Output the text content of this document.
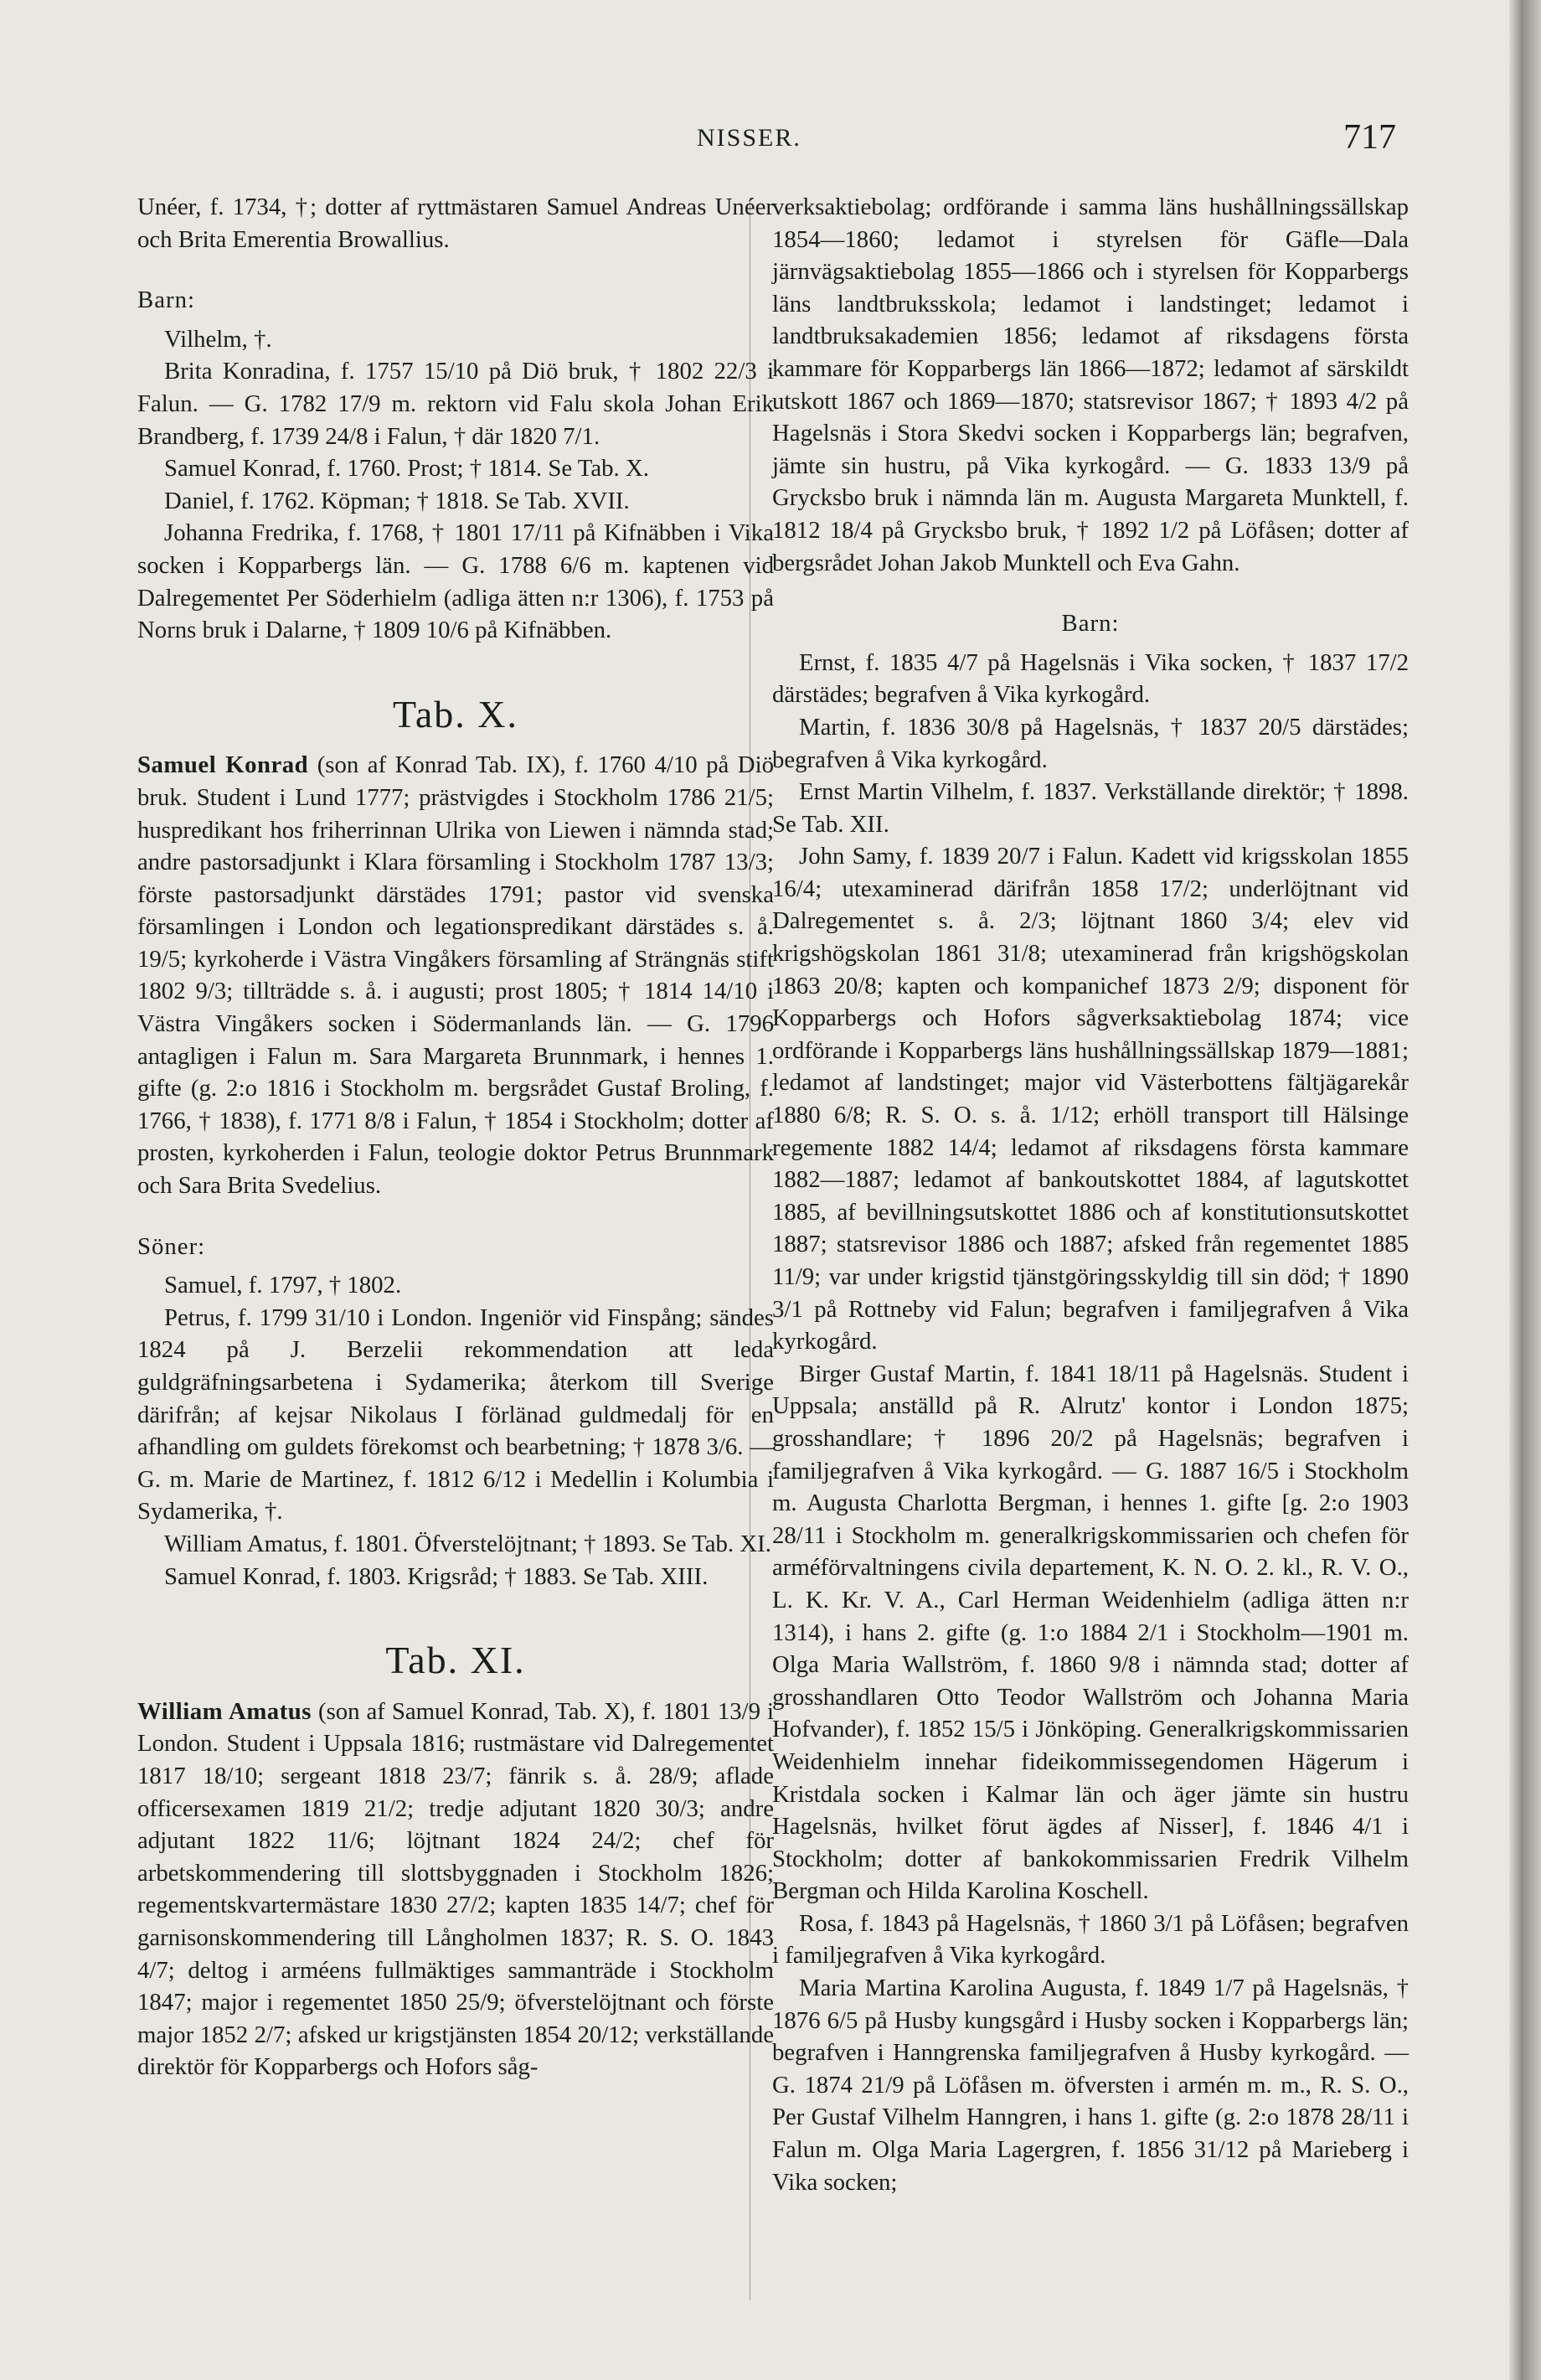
NISSER.	717

Unéer, f. 1734, †; dotter af ryttmästaren Samuel Andreas Unéer och Brita Emerentia Browallius.

Barn:

Vilhelm, †.

Brita Konradina, f. 1757 15/10 på Diö bruk, † 1802 22/3 i Falun. — G. 1782 17/9 m. rektorn vid Falu skola Johan Erik Brandberg, f. 1739 24/8 i Falun, † där 1820 7/1.

Samuel Konrad, f. 1760. Prost; † 1814. Se Tab. X.

Daniel, f. 1762. Köpman; † 1818. Se Tab. XVII.

Johanna Fredrika, f. 1768, † 1801 17/11 på Kifnäbben i Vika socken i Kopparbergs län. — G. 1788 6/6 m. kaptenen vid Dalregementet Per Söderhielm (adliga ätten n:r 1306), f. 1753 på Norns bruk i Dalarne, † 1809 10/6 på Kifnäbben.

Tab. X.

Samuel Konrad (son af Konrad Tab. IX), f. 1760 4/10 på Diö bruk. Student i Lund 1777; prästvigdes i Stockholm 1786 21/5; huspredikant hos friherrinnan Ulrika von Liewen i nämnda stad; andre pastorsadjunkt i Klara församling i Stockholm 1787 13/3; förste pastorsadjunkt därstädes 1791; pastor vid svenska församlingen i London och legationspredikant därstädes s. å. 19/5; kyrkoherde i Västra Vingåkers församling af Strängnäs stift 1802 9/3; tillträdde s. å. i augusti; prost 1805; † 1814 14/10 i Västra Vingåkers socken i Södermanlands län. — G. 1796 antagligen i Falun m. Sara Margareta Brunnmark, i hennes 1. gifte (g. 2:o 1816 i Stockholm m. bergsrådet Gustaf Broling, f. 1766, † 1838), f. 1771 8/8 i Falun, † 1854 i Stockholm; dotter af prosten, kyrkoherden i Falun, teologie doktor Petrus Brunnmark och Sara Brita Svedelius.

Söner:

Samuel, f. 1797, † 1802.

Petrus, f. 1799 31/10 i London. Ingeniör vid Finspång; sändes 1824 på J. Berzelii rekommendation att leda guldgräfningsarbetena i Sydamerika; återkom till Sverige därifrån; af kejsar Nikolaus I förlänad guldmedalj för en afhandling om guldets förekomst och bearbetning; † 1878 3/6. — G. m. Marie de Martinez, f. 1812 6/12 i Medellin i Kolumbia i Sydamerika, †.

William Amatus, f. 1801. Öfverstelöjtnant; † 1893. Se Tab. XI.

Samuel Konrad, f. 1803. Krigsråd; † 1883. Se Tab. XIII.

Tab. XI.

William Amatus (son af Samuel Konrad, Tab. X), f. 1801 13/9 i London. Student i Uppsala 1816; rustmästare vid Dalregementet 1817 18/10; sergeant 1818 23/7; fänrik s. å. 28/9; aflade officersexamen 1819 21/2; tredje adjutant 1820 30/3; andre adjutant 1822 11/6; löjtnant 1824 24/2; chef för arbetskommendering till slottsbyggnaden i Stockholm 1826; regementskvartermästare 1830 27/2; kapten 1835 14/7; chef för garnisonskommendering till Långholmen 1837; R. S. O. 1843 4/7; deltog i arméens fullmäktiges sammanträde i Stockholm 1847; major i regementet 1850 25/9; öfverstelöjtnant och förste major 1852 2/7; afsked ur krigstjänsten 1854 20/12; verkställande direktör för Kopparbergs och Hofors såg-

verksaktiebolag; ordförande i samma läns hushållningssällskap 1854—1860; ledamot i styrelsen för Gäfle—Dala järnvägsaktiebolag 1855—1866 och i styrelsen för Kopparbergs läns landtbruksskola; ledamot i landstinget; ledamot i landtbruksakademien 1856; ledamot af riksdagens första kammare för Kopparbergs län 1866—1872; ledamot af särskildt utskott 1867 och 1869—1870; statsrevisor 1867; † 1893 4/2 på Hagelsnäs i Stora Skedvi socken i Kopparbergs län; begrafven, jämte sin hustru, på Vika kyrkogård. — G. 1833 13/9 på Grycksbo bruk i nämnda län m. Augusta Margareta Munktell, f. 1812 18/4 på Grycksbo bruk, † 1892 1/2 på Löfåsen; dotter af bergsrådet Johan Jakob Munktell och Eva Gahn.

Barn:

Ernst, f. 1835 4/7 på Hagelsnäs i Vika socken, † 1837 17/2 därstädes; begrafven å Vika kyrkogård.

Martin, f. 1836 30/8 på Hagelsnäs, † 1837 20/5 därstädes; begrafven å Vika kyrkogård.

Ernst Martin Vilhelm, f. 1837. Verkställande direktör; † 1898. Se Tab. XII.

John Samy, f. 1839 20/7 i Falun. Kadett vid krigsskolan 1855 16/4; utexaminerad därifrån 1858 17/2; underlöjtnant vid Dalregementet s. å. 2/3; löjtnant 1860 3/4; elev vid krigshögskolan 1861 31/8; utexaminerad från krigshögskolan 1863 20/8; kapten och kompanichef 1873 2/9; disponent för Kopparbergs och Hofors sågverksaktiebolag 1874; vice ordförande i Kopparbergs läns hushållningssällskap 1879—1881; ledamot af landstinget; major vid Västerbottens fältjägarekår 1880 6/8; R. S. O. s. å. 1/12; erhöll transport till Hälsinge regemente 1882 14/4; ledamot af riksdagens första kammare 1882—1887; ledamot af bankoutskottet 1884, af lagutskottet 1885, af bevillningsutskottet 1886 och af konstitutionsutskottet 1887; statsrevisor 1886 och 1887; afsked från regementet 1885 11/9; var under krigstid tjänstgöringsskyldig till sin död; † 1890 3/1 på Rottneby vid Falun; begrafven i familjegrafven å Vika kyrkogård.

Birger Gustaf Martin, f. 1841 18/11 på Hagelsnäs. Student i Uppsala; anställd på R. Alrutz' kontor i London 1875; grosshandlare; † 1896 20/2 på Hagelsnäs; begrafven i familjegrafven å Vika kyrkogård. — G. 1887 16/5 i Stockholm m. Augusta Charlotta Bergman, i hennes 1. gifte [g. 2:o 1903 28/11 i Stockholm m. generalkrigskommissarien och chefen för arméförvaltningens civila departement, K. N. O. 2. kl., R. V. O., L. K. Kr. V. A., Carl Herman Weidenhielm (adliga ätten n:r 1314), i hans 2. gifte (g. 1:o 1884 2/1 i Stockholm—1901 m. Olga Maria Wallström, f. 1860 9/8 i nämnda stad; dotter af grosshandlaren Otto Teodor Wallström och Johanna Maria Hofvander), f. 1852 15/5 i Jönköping. Generalkrigskommissarien Weidenhielm innehar fideikommissegendomen Hägerum i Kristdala socken i Kalmar län och äger jämte sin hustru Hagelsnäs, hvilket förut ägdes af Nisser], f. 1846 4/1 i Stockholm; dotter af bankokommissarien Fredrik Vilhelm Bergman och Hilda Karolina Koschell.

Rosa, f. 1843 på Hagelsnäs, † 1860 3/1 på Löfåsen; begrafven i familjegrafven å Vika kyrkogård.

Maria Martina Karolina Augusta, f. 1849 1/7 på Hagelsnäs, † 1876 6/5 på Husby kungsgård i Husby socken i Kopparbergs län; begrafven i Hanngrenska familjegrafven å Husby kyrkogård. — G. 1874 21/9 på Löfåsen m. öfversten i armén m. m., R. S. O., Per Gustaf Vilhelm Hanngren, i hans 1. gifte (g. 2:o 1878 28/11 i Falun m. Olga Maria Lagergren, f. 1856 31/12 på Marieberg i Vika socken;
